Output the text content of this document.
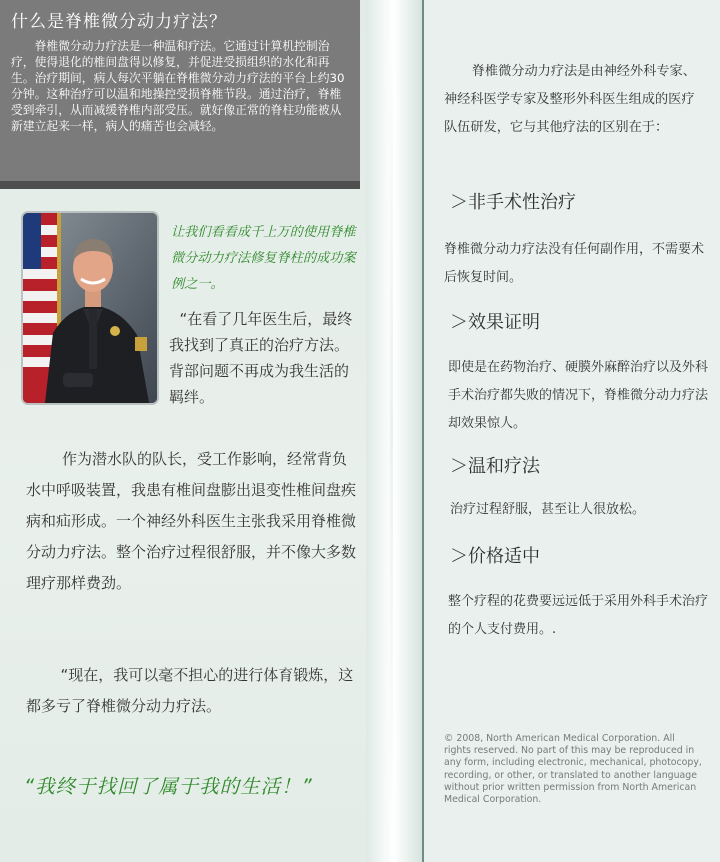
什么是脊椎微分动力疗法？

脊椎微分动力疗法是一种温和疗法。它通过计算机控制治疗，使得退化的椎间盘得以修复，并促进受损组织的水化和再生。治疗期间，病人每次平躺在脊椎微分动力疗法的平台上约30分钟。这种治疗可以温和地操控受损脊椎节段。通过治疗，脊椎受到牵引，从而减缓脊椎内部受压。就好像正常的脊柱功能被从新建立起来一样，病人的痛苦也会减轻。

让我们看看成千上万的使用脊椎微分动力疗法修复脊柱的成功案例之一。

“在看了几年医生后，最终我找到了真正的治疗方法。背部问题不再成为我生活的羁绊。

作为潜水队的队长，受工作影响，经常背负水中呼吸装置，我患有椎间盘膨出退变性椎间盘疾病和疝形成。一个神经外科医生主张我采用脊椎微分动力疗法。整个治疗过程很舒服，并不像大多数理疗那样费劲。

“现在，我可以毫不担心的进行体育锻炼，这都多亏了脊椎微分动力疗法。

“我终于找回了属于我的生活！”

脊椎微分动力疗法是由神经外科专家、神经科医学专家及整形外科医生组成的医疗队伍研发，它与其他疗法的区别在于：

＞非手术性治疗

脊椎微分动力疗法没有任何副作用，不需要术后恢复时间。

＞效果证明

即使是在药物治疗、硬膜外麻醉治疗以及外科手术治疗都失败的情况下，脊椎微分动力疗法却效果惊人。

＞温和疗法

治疗过程舒服，甚至让人很放松。

＞价格适中

整个疗程的花费要远远低于采用外科手术治疗的个人支付费用。.

© 2008, North American Medical Corporation. All rights reserved. No part of this may be reproduced in any form, including electronic, mechanical, photocopy, recording, or other, or translated to another language without prior written permission from North American Medical Corporation.
